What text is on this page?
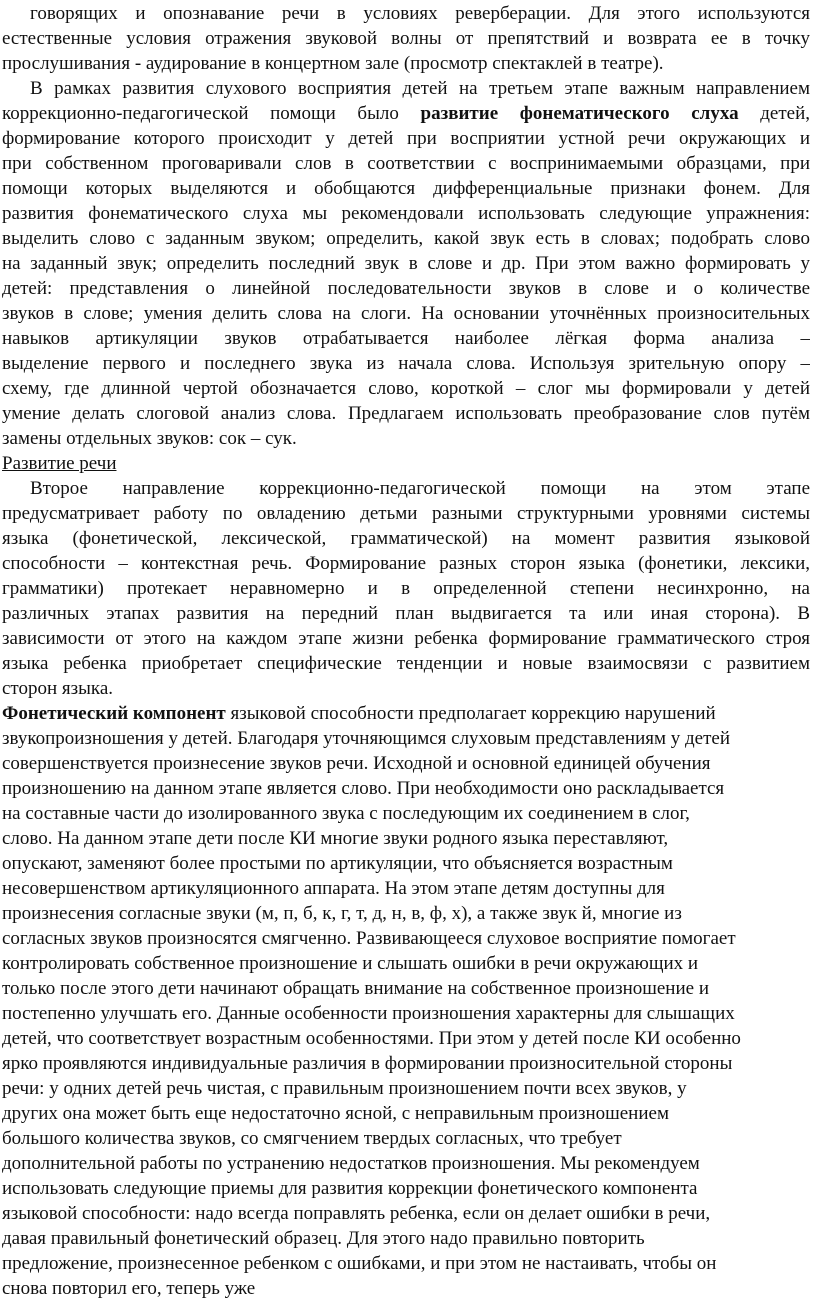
говорящих и опознавание речи в условиях реверберации. Для этого используются
естественные условия отражения звуковой волны от препятствий и возврата ее в точку
прослушивания - аудирование в концертном зале (просмотр спектаклей в театре).
В рамках развития слухового восприятия детей на третьем этапе важным направлением
коррекционно-педагогической помощи было развитие фонематического слуха детей,
формирование которого происходит у детей при восприятии устной речи окружающих и
при собственном проговаривали слов в соответствии с воспринимаемыми образцами, при
помощи которых выделяются и обобщаются дифференциальные признаки фонем. Для
развития фонематического слуха мы рекомендовали использовать следующие упражнения:
выделить слово с заданным звуком; определить, какой звук есть в словах; подобрать слово
на заданный звук; определить последний звук в слове и др. При этом важно формировать у
детей: представления о линейной последовательности звуков в слове и о количестве
звуков в слове; умения делить слова на слоги. На основании уточнённых произносительных
навыков артикуляции звуков отрабатывается наиболее лёгкая форма анализа –
выделение первого и последнего звука из начала слова. Используя зрительную опору –
схему, где длинной чертой обозначается слово, короткой – слог мы формировали у детей
умение делать слоговой анализ слова. Предлагаем использовать преобразование слов путём
замены отдельных звуков: сок – сук.
Развитие речи
Второе направление коррекционно-педагогической помощи на этом этапе
предусматривает работу по овладению детьми разными структурными уровнями системы
языка (фонетической, лексической, грамматической) на момент развития языковой
способности – контекстная речь. Формирование разных сторон языка (фонетики, лексики,
грамматики) протекает неравномерно и в определенной степени несинхронно, на
различных этапах развития на передний план выдвигается та или иная сторона). В
зависимости от этого на каждом этапе жизни ребенка формирование грамматического строя
языка ребенка приобретает специфические тенденции и новые взаимосвязи с развитием
сторон языка.
Фонетический компонент языковой способности предполагает коррекцию нарушений
звукопроизношения у детей. Благодаря уточняющимся слуховым представлениям у детей
совершенствуется произнесение звуков речи. Исходной и основной единицей обучения
произношению на данном этапе является слово. При необходимости оно раскладывается
на составные части до изолированного звука с последующим их соединением в слог,
слово. На данном этапе дети после КИ многие звуки родного языка переставляют,
опускают, заменяют более простыми по артикуляции, что объясняется возрастным
несовершенством артикуляционного аппарата. На этом этапе детям доступны для
произнесения согласные звуки (м, п, б, к, г, т, д, н, в, ф, х), а также звук й, многие из
согласных звуков произносятся смягченно. Развивающееся слуховое восприятие помогает
контролировать собственное произношение и слышать ошибки в речи окружающих и
только после этого дети начинают обращать внимание на собственное произношение и
постепенно улучшать его. Данные особенности произношения характерны для слышащих
детей, что соответствует возрастным особенностями. При этом у детей после КИ особенно
ярко проявляются индивидуальные различия в формировании произносительной стороны
речи: у одних детей речь чистая, с правильным произношением почти всех звуков, у
других она может быть еще недостаточно ясной, с неправильным произношением
большого количества звуков, со смягчением твердых согласных, что требует
дополнительной работы по устранению недостатков произношения. Мы рекомендуем
использовать следующие приемы для развития коррекции фонетического компонента
языковой способности: надо всегда поправлять ребенка, если он делает ошибки в речи,
давая правильный фонетический образец. Для этого надо правильно повторить
предложение, произнесенное ребенком с ошибками, и при этом не настаивать, чтобы он
снова повторил его, теперь уже
